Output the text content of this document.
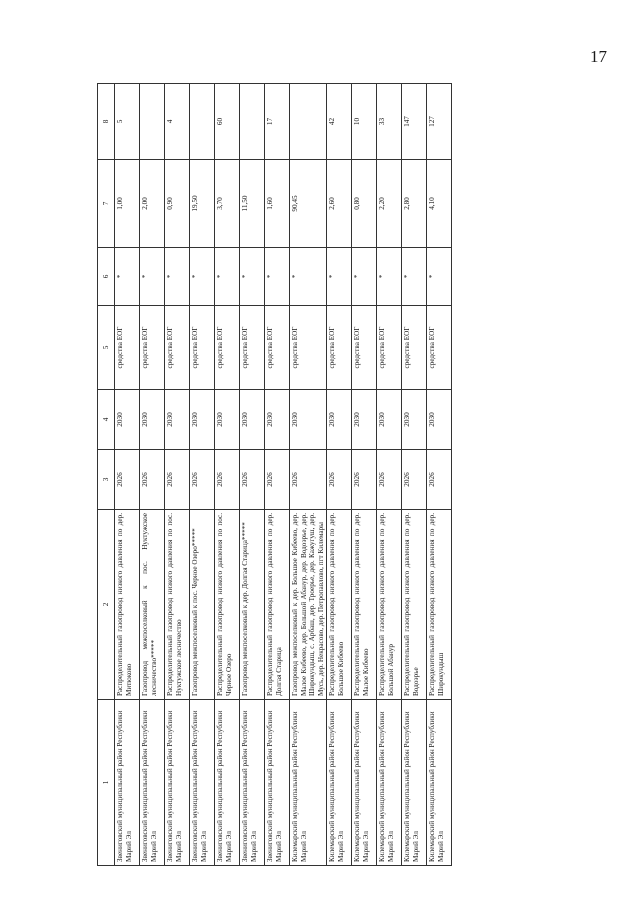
17
1	2	3	4	5	6	7	8
Звениговский муниципальный район Республики Марий Эл	Распределительный газопровод низкого давления по дер. Митюково	2026	2030	средства ЕОГ	*	1,00	5
Звениговский муниципальный район Республики Марий Эл	Газопровод межпоселковый к пос. Нуктужское лесничество*****	2026	2030	средства ЕОГ	*	2,00	
Звениговский муниципальный район Республики Марий Эл	Распределительный газопровод низкого давления по пос. Нуктужское лесничество	2026	2030	средства ЕОГ	*	0,90	4
Звениговский муниципальный район Республики Марий Эл	Газопровод межпоселковый к пос. Черное Озеро*****	2026	2030	средства ЕОГ	*	19,50	
Звениговский муниципальный район Республики Марий Эл	Распределительный газопровод низкого давления по пос. Черное Озеро	2026	2030	средства ЕОГ	*	3,70	60
Звениговский муниципальный район Республики Марий Эл	Газопровод межпоселковый к дер. Долгая Старица*****	2026	2030	средства ЕОГ	*	11,50	
Звениговский муниципальный район Республики Марий Эл	Распределительный газопровод низкого давления по дер. Долгая Старица	2026	2030	средства ЕОГ	*	1,60	17
Килемарский муниципальный район Республики Марий Эл	Газопровод межпоселковый к дер. Большое Кибеево, дер. Малое Кибеево, дер. Большой Абанур, дер. Водоэрье, дер. Широкундыш, с. Арбаш, дер. Троерье, дер. Кажугуш, дер. Мусь, дер. Некрасово, дер. Петропавлово, пгт Килемары	2026	2030	средства ЕОГ	*	90,45	
Килемарский муниципальный район Республики Марий Эл	Распределительный газопровод низкого давления по дер. Большое Кибеево	2026	2030	средства ЕОГ	*	2,60	42
Килемарский муниципальный район Республики Марий Эл	Распределительный газопровод низкого давления по дер. Малое Кибеево	2026	2030	средства ЕОГ	*	0,80	10
Килемарский муниципальный район Республики Марий Эл	Распределительный газопровод низкого давления по дер. Большой Абанур	2026	2030	средства ЕОГ	*	2,20	33
Килемарский муниципальный район Республики Марий Эл	Распределительный газопровод низкого давления по дер. Водоэрье	2026	2030	средства ЕОГ	*	2,80	147
Килемарский муниципальный район Республики Марий Эл	Распределительный газопровод низкого давления по дер. Широкундыш	2026	2030	средства ЕОГ	*	4,10	127
